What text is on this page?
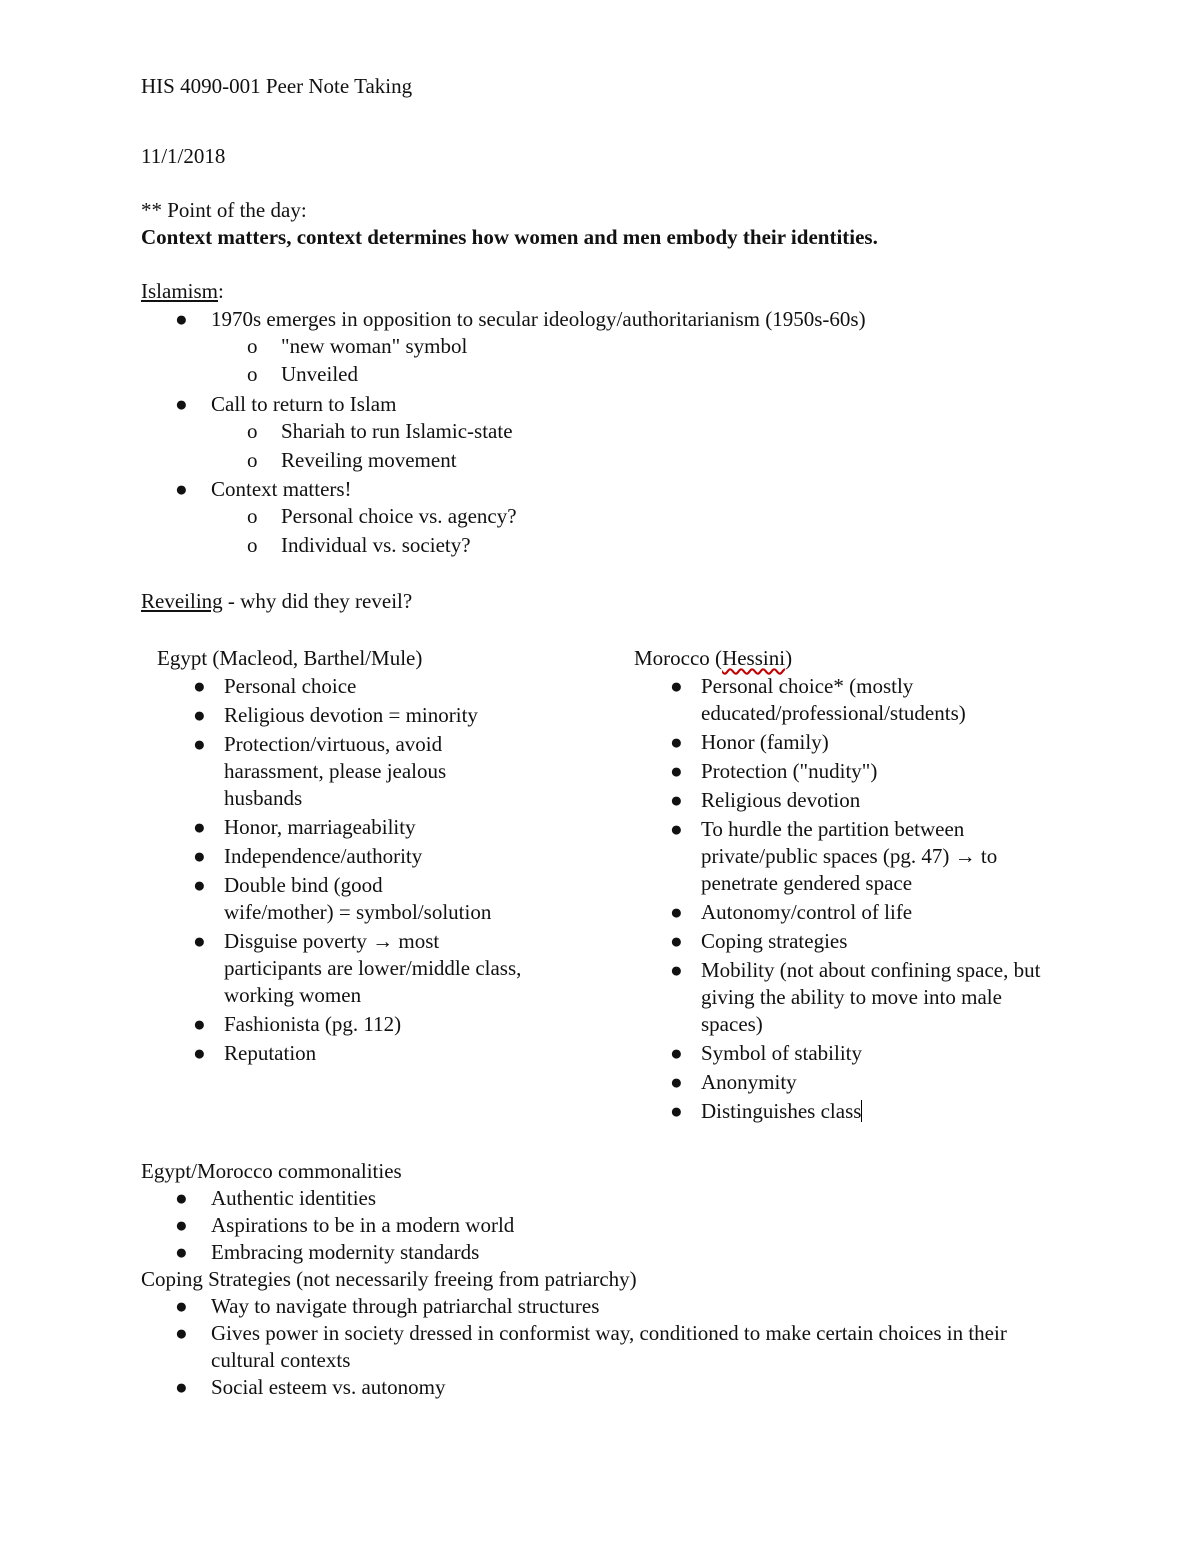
HIS 4090-001 Peer Note Taking
11/1/2018
** Point of the day:
Context matters, context determines how women and men embody their identities.
Islamism:
● 1970s emerges in opposition to secular ideology/authoritarianism (1950s-60s)
o "new woman" symbol
o Unveiled
● Call to return to Islam
o Shariah to run Islamic-state
o Reveiling movement
● Context matters!
o Personal choice vs. agency?
o Individual vs. society?
Reveiling - why did they reveil?
Egypt (Macleod, Barthel/Mule)
● Personal choice
● Religious devotion = minority
● Protection/virtuous, avoid harassment, please jealous husbands
● Honor, marriageability
● Independence/authority
● Double bind (good wife/mother) = symbol/solution
● Disguise poverty → most participants are lower/middle class, working women
● Fashionista (pg. 112)
● Reputation
Morocco (Hessini)
● Personal choice* (mostly educated/professional/students)
● Honor (family)
● Protection ("nudity")
● Religious devotion
● To hurdle the partition between private/public spaces (pg. 47) → to penetrate gendered space
● Autonomy/control of life
● Coping strategies
● Mobility (not about confining space, but giving the ability to move into male spaces)
● Symbol of stability
● Anonymity
● Distinguishes class
Egypt/Morocco commonalities
● Authentic identities
● Aspirations to be in a modern world
● Embracing modernity standards
Coping Strategies (not necessarily freeing from patriarchy)
● Way to navigate through patriarchal structures
● Gives power in society dressed in conformist way, conditioned to make certain choices in their cultural contexts
● Social esteem vs. autonomy
